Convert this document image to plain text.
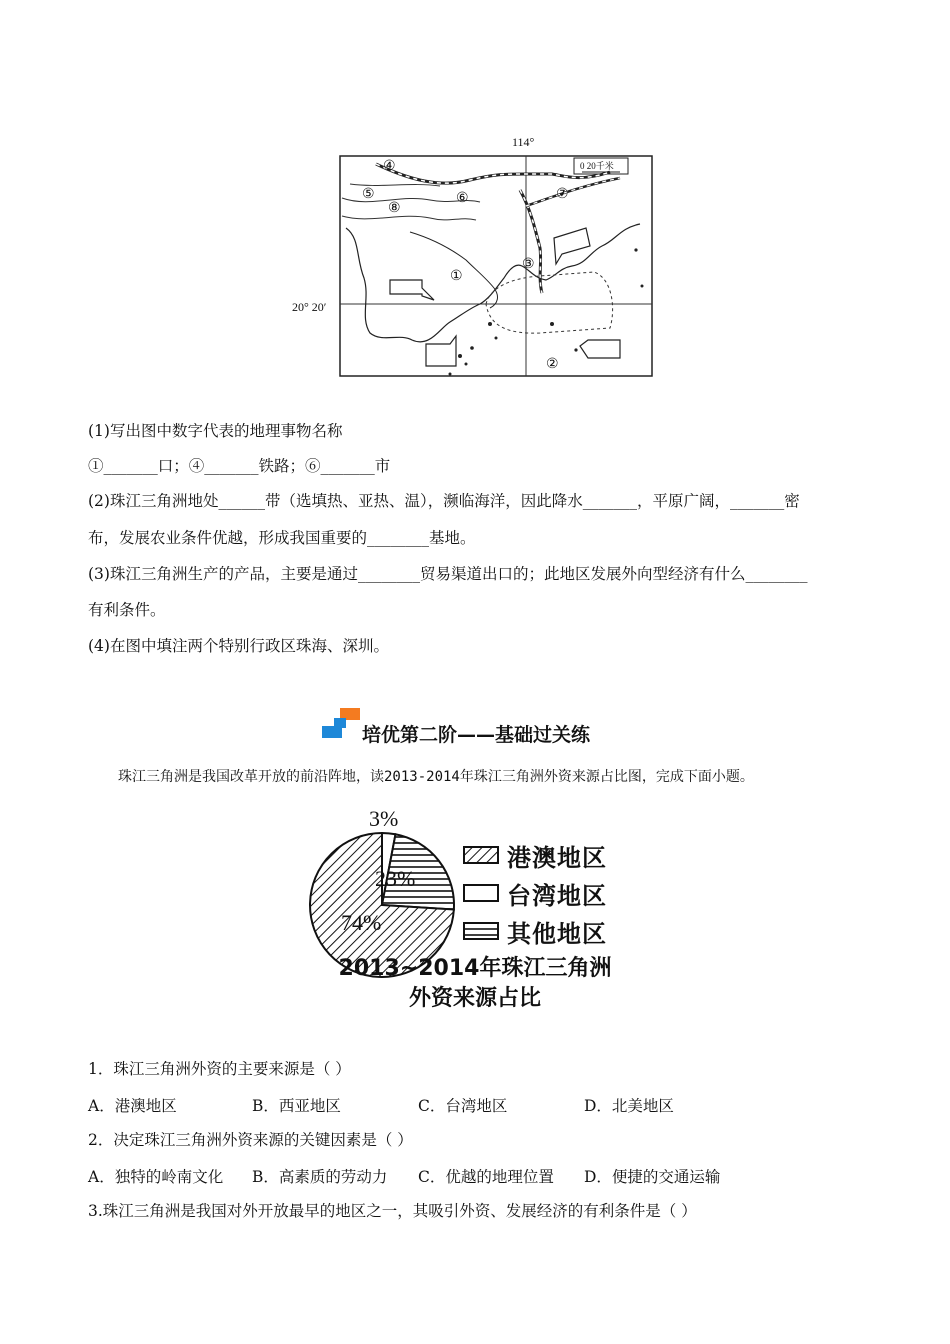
114°
20° 20′
0 20千米
①
②
③
④
⑤	⑥	⑦
⑧
(1)写出图中数字代表的地理事物名称
①_______口；④_______铁路；⑥_______市
(2)珠江三角洲地处______带（选填热、亚热、温），濒临海洋，因此降水_______，平原广阔，_______密
布，发展农业条件优越，形成我国重要的________基地。
(3)珠江三角洲生产的产品，主要是通过________贸易渠道出口的；此地区发展外向型经济有什么________
有利条件。
(4)在图中填注两个特别行政区珠海、深圳。
培优第二阶——基础过关练
珠江三角洲是我国改革开放的前沿阵地，读2013-2014年珠江三角洲外资来源占比图，完成下面小题。
3%
23%
74%
港澳地区
台湾地区
其他地区
2013~2014年珠江三角洲
外资来源占比
1．珠江三角洲外资的主要来源是（ ）
A．港澳地区	B．西亚地区	C．台湾地区	D．北美地区
2．决定珠江三角洲外资来源的关键因素是（ ）
A．独特的岭南文化 B．高素质的劳动力 C．优越的地理位置 D．便捷的交通运输
3.珠江三角洲是我国对外开放最早的地区之一，其吸引外资、发展经济的有利条件是（ ）
